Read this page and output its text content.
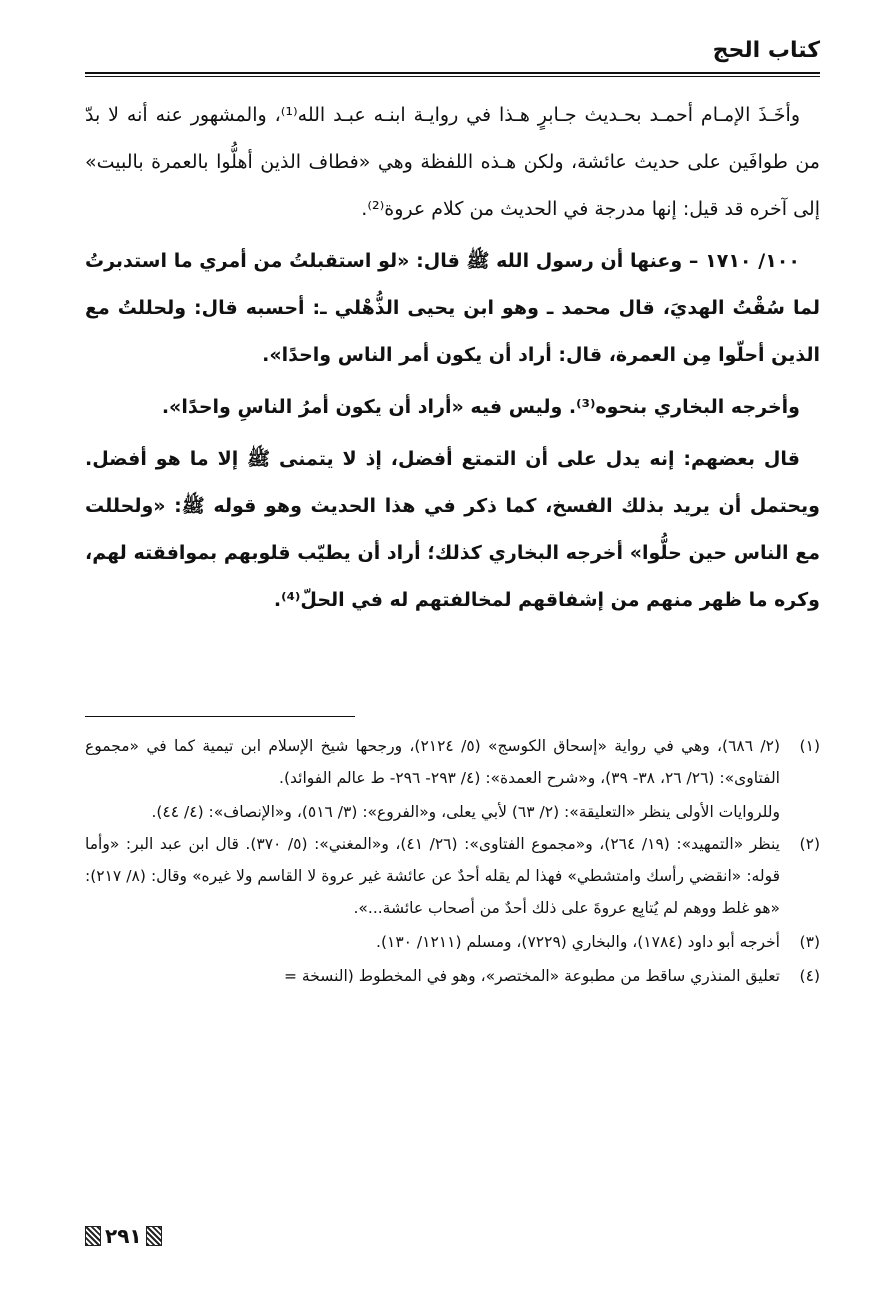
كتاب الحج

وأخَـذَ الإمـام أحمـد بحـديث جـابرٍ هـذا في روايـة ابنـه عبـد الله⁽¹⁾، والمشهور عنه أنه لا بدّ من طوافَين على حديث عائشة، ولكن هـذه اللفظة وهي «فطاف الذين أهلُّوا بالعمرة بالبيت» إلى آخره قد قيل: إنها مدرجة في الحديث من كلام عروة⁽²⁾.

١٠٠/ ١٧١٠ – وعنها أن رسول الله ﷺ قال: «لو استقبلتُ من أمري ما استدبرتُ لما سُقْتُ الهديَ، قال محمد ـ وهو ابن يحيى الذُّهْلي ـ: أحسبه قال: ولحللتُ مع الذين أحلّوا مِن العمرة، قال: أراد أن يكون أمر الناس واحدًا».

وأخرجه البخاري بنحوه⁽³⁾. وليس فيه «أراد أن يكون أمرُ الناسِ واحدًا».

قال بعضهم: إنه يدل على أن التمتع أفضل، إذ لا يتمنى ﷺ إلا ما هو أفضل. ويحتمل أن يريد بذلك الفسخ، كما ذكر في هذا الحديث وهو قوله ﷺ: «ولحللت مع الناس حين حلُّوا» أخرجه البخاري كذلك؛ أراد أن يطيّب قلوبهم بموافقته لهم، وكره ما ظهر منهم من إشفاقهم لمخالفتهم له في الحلّ⁽⁴⁾.

(١)
(٢/ ٦٨٦)، وهي في رواية «إسحاق الكوسج» (٥/ ٢١٢٤)، ورجحها شيخ الإسلام ابن تيمية كما في «مجموع الفتاوى»: (٢٦/ ٢٦، ٣٨- ٣٩)، و«شرح العمدة»: (٤/ ٢٩٣- ٢٩٦- ط عالم الفوائد).
وللروايات الأولى ينظر «التعليقة»: (٢/ ٦٣) لأبي يعلى، و«الفروع»: (٣/ ٥١٦)، و«الإنصاف»: (٤/ ٤٤).
(٢)
ينظر «التمهيد»: (١٩/ ٢٦٤)، و«مجموع الفتاوى»: (٢٦/ ٤١)، و«المغني»: (٥/ ٣٧٠). قال ابن عبد البر: «وأما قوله: «انقضي رأسك وامتشطي» فهذا لم يقله أحدٌ عن عائشة غير عروة لا القاسم ولا غيره» وقال: (٨/ ٢١٧): «هو غلط ووهم لم يُتابِع عروةَ على ذلك أحدٌ من أصحاب عائشة...».
(٣)
أخرجه أبو داود (١٧٨٤)، والبخاري (٧٢٢٩)، ومسلم (١٢١١/ ١٣٠).
(٤)
تعليق المنذري ساقط من مطبوعة «المختصر»، وهو في المخطوط (النسخة =
٢٩١
